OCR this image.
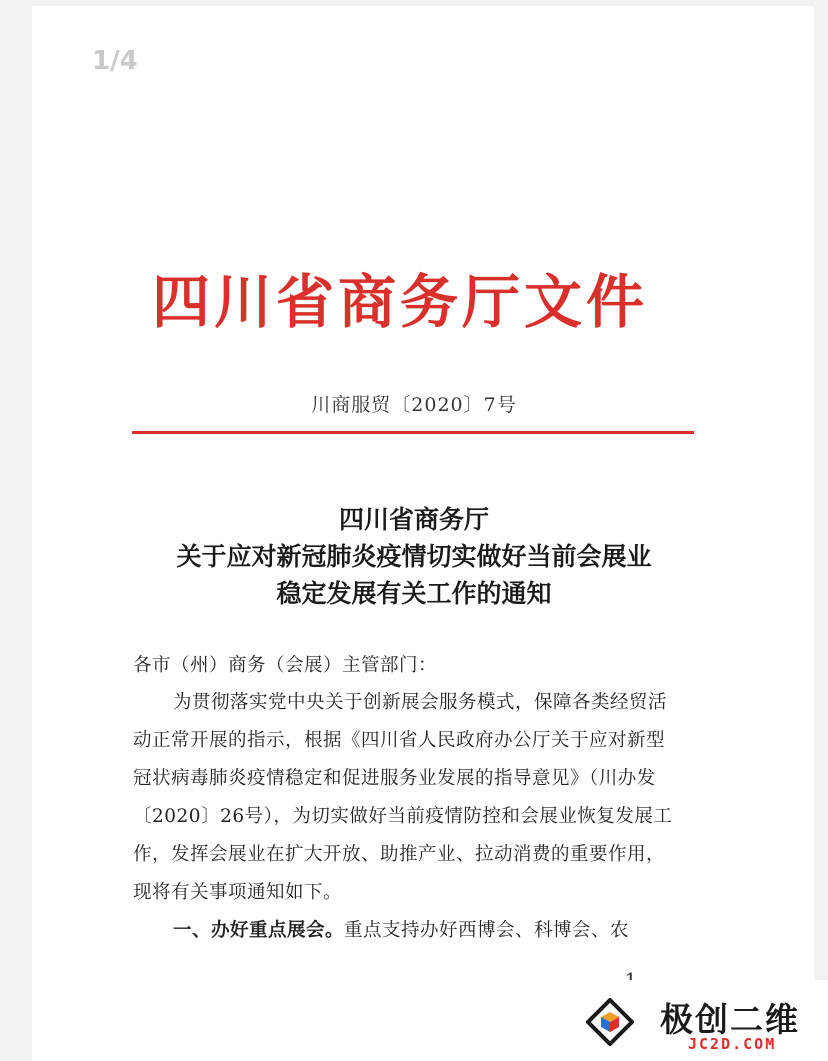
1/4
四川省商务厅文件
川商服贸〔2020〕7号
四川省商务厅
关于应对新冠肺炎疫情切实做好当前会展业
稳定发展有关工作的通知
各市（州）商务（会展）主管部门：
为贯彻落实党中央关于创新展会服务模式，保障各类经贸活
动正常开展的指示，根据《四川省人民政府办公厅关于应对新型
冠状病毒肺炎疫情稳定和促进服务业发展的指导意见》（川办发
〔2020〕26号），为切实做好当前疫情防控和会展业恢复发展工
作，发挥会展业在扩大开放、助推产业、拉动消费的重要作用，
现将有关事项通知如下。
一、办好重点展会。重点支持办好西博会、科博会、农
极创二维
JC2D.COM
